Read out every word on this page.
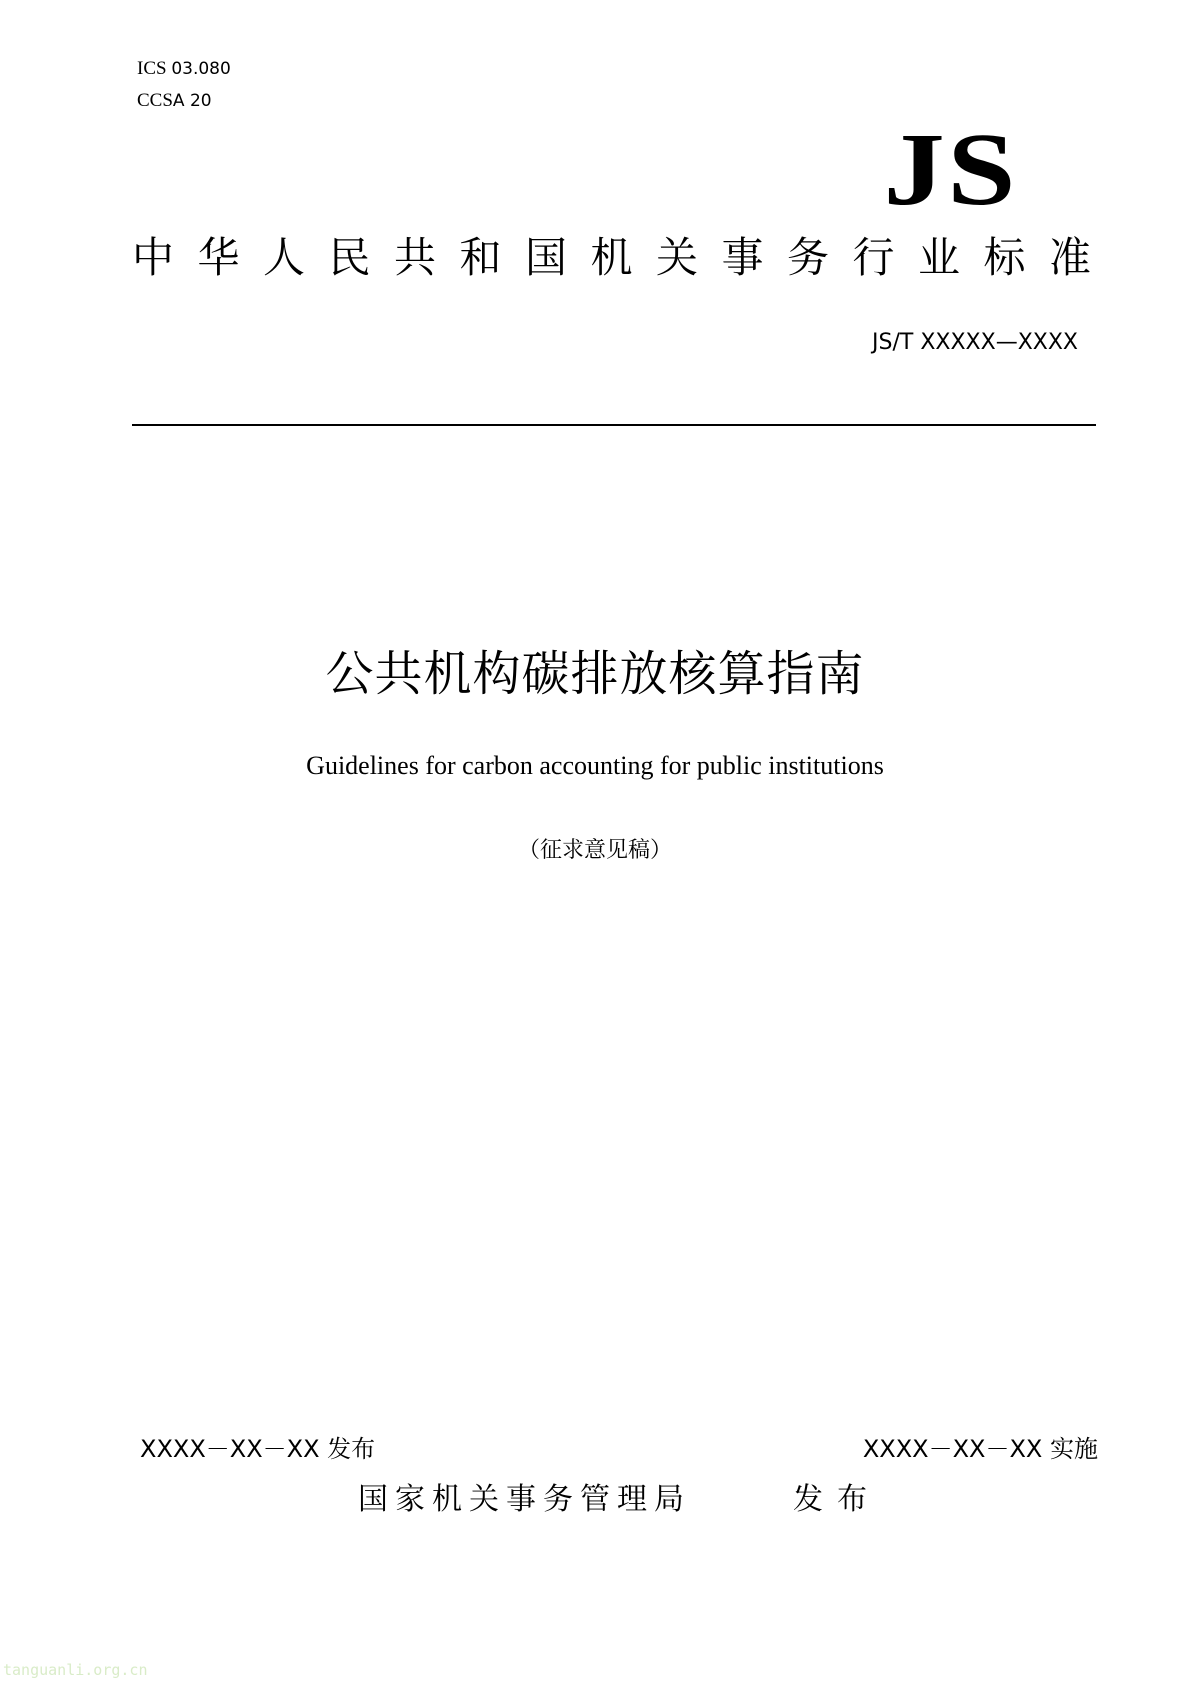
ICS 03.080
CCSA 20
JS
中华人民共和国机关事务行业标准
JS/T XXXXX—XXXX
公共机构碳排放核算指南
Guidelines for carbon accounting for public institutions
（征求意见稿）
XXXX－XX－XX 发布	XXXX－XX－XX 实施
国家机关事务管理局	发布
tanguanli.org.cn
